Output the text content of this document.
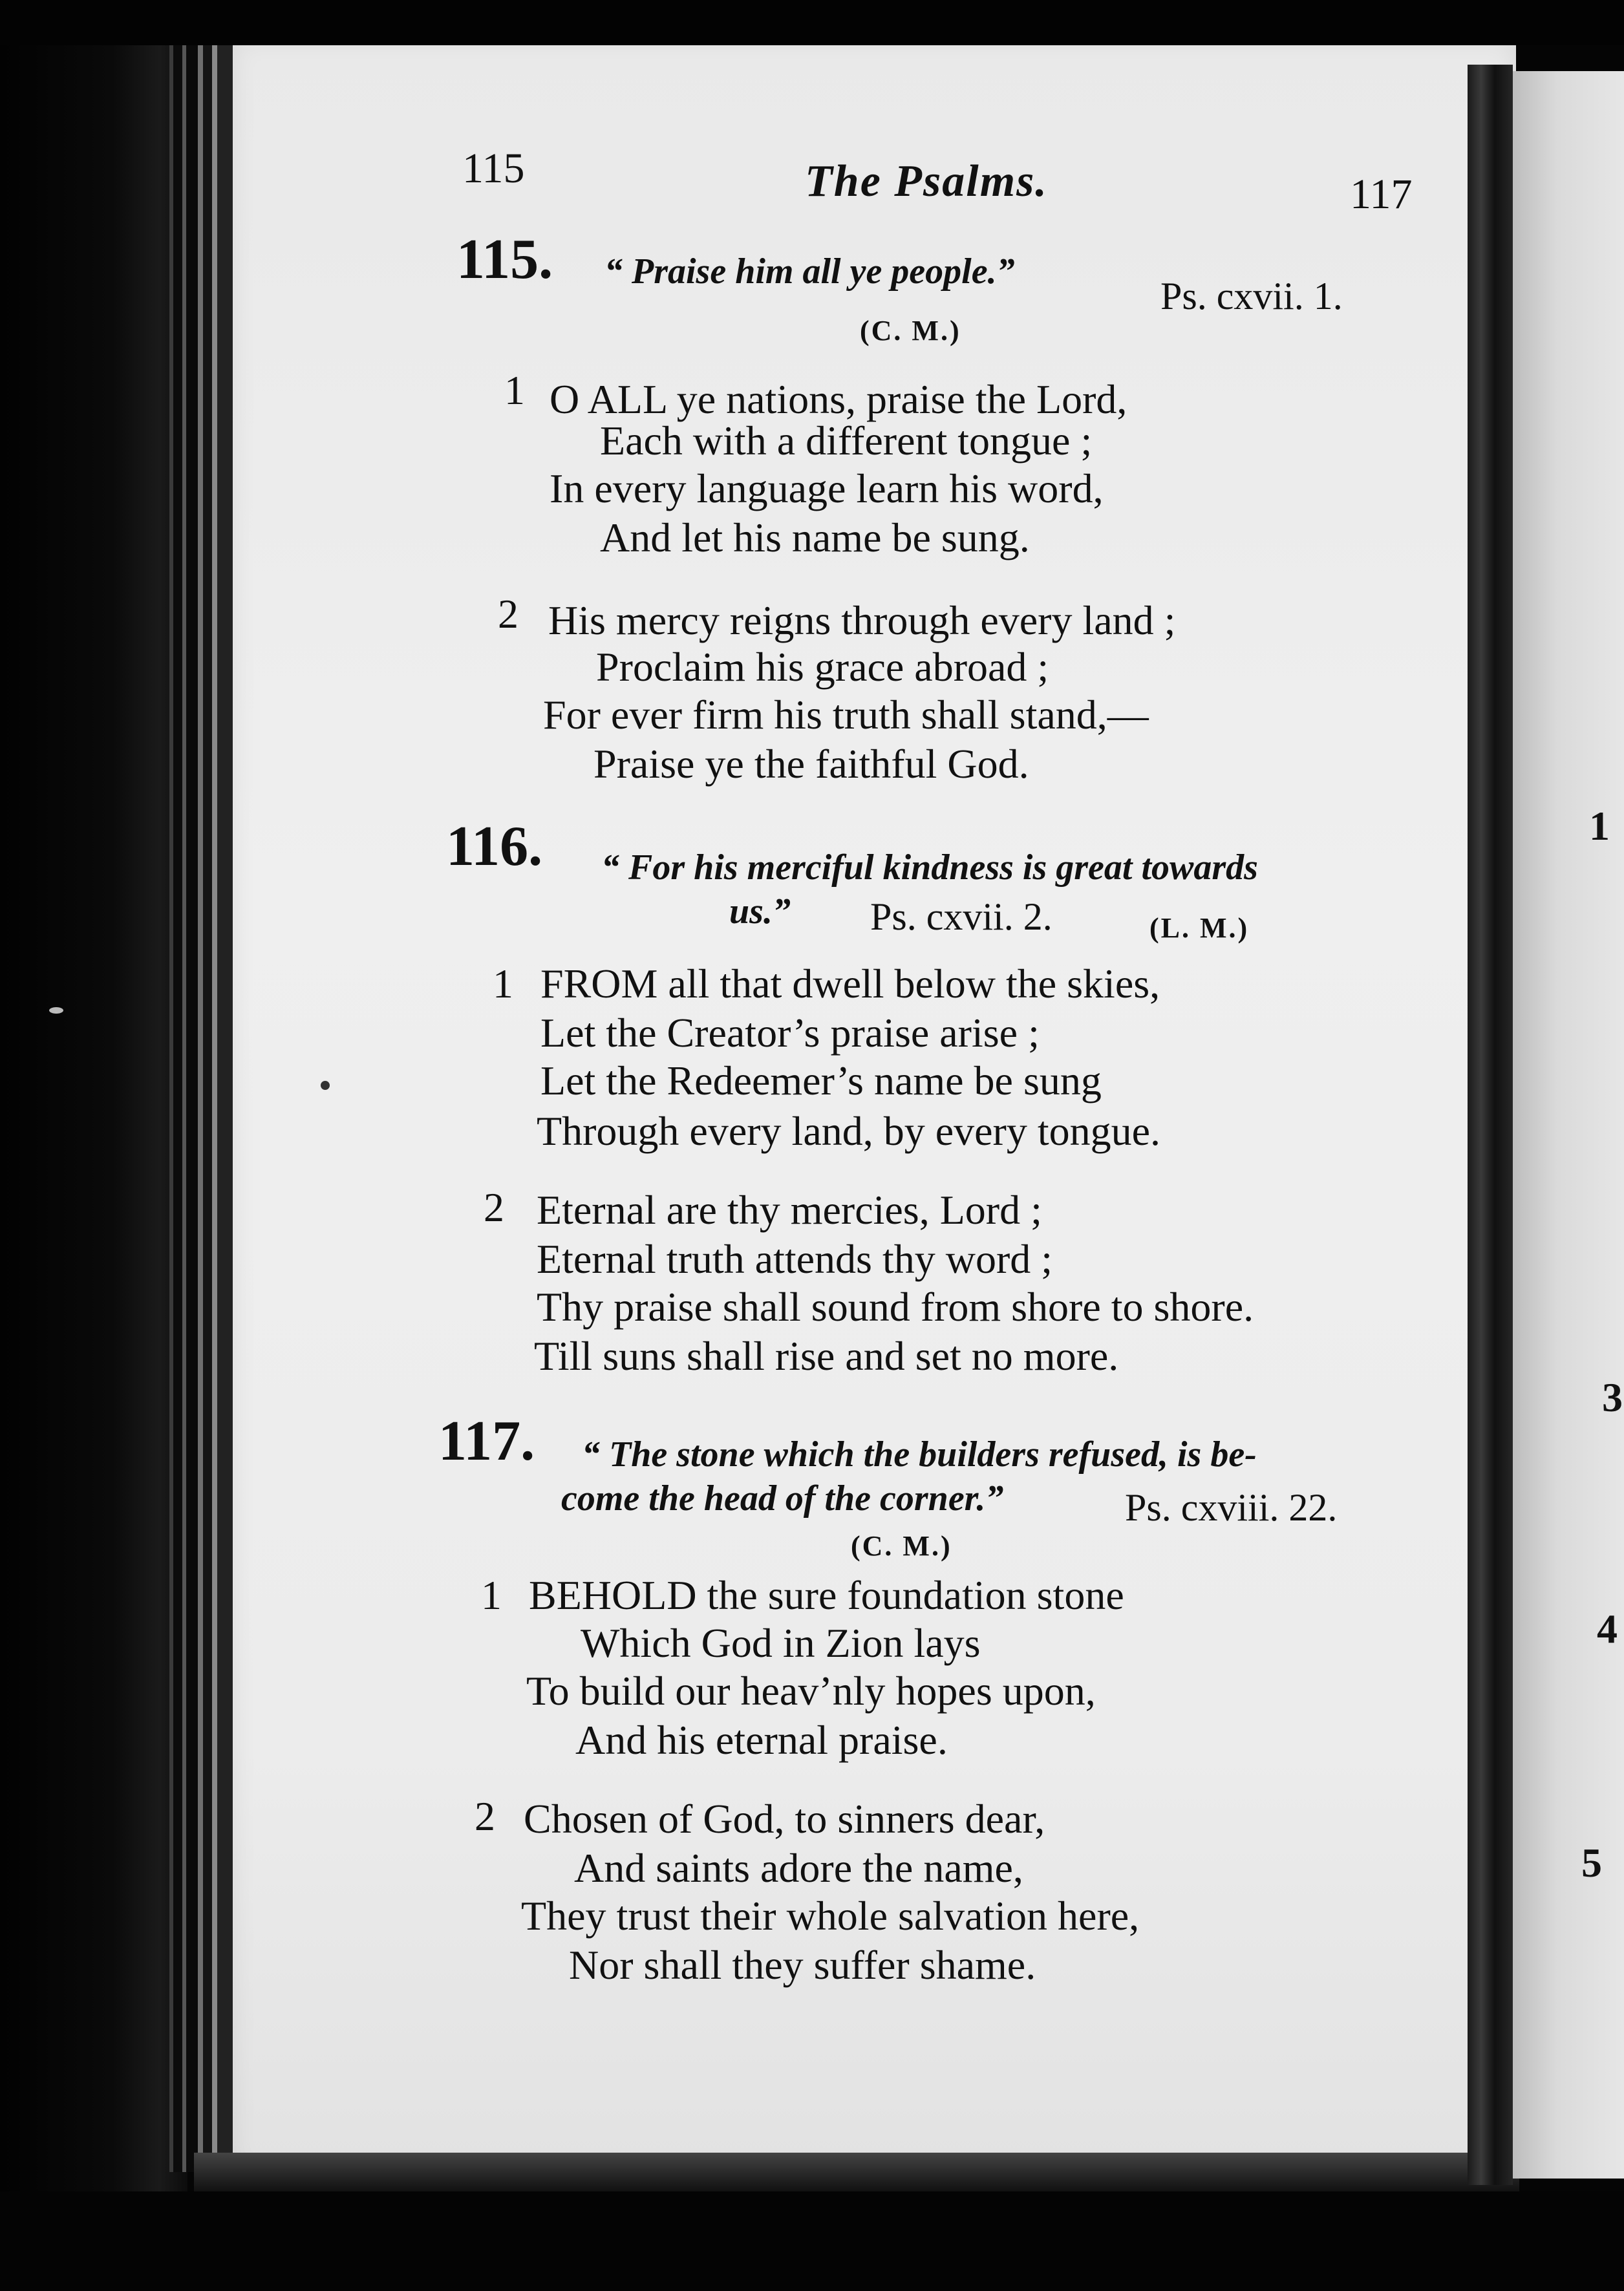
115	The Psalms.	117
115. “ Praise him all ye people.”
Ps. cxvii. 1.
(C. M.)
1 O ALL ye nations, praise the Lord,
Each with a different tongue ;
In every language learn his word,
And let his name be sung.
2 His mercy reigns through every land ;
Proclaim his grace abroad ;
For ever firm his truth shall stand,—
Praise ye the faithful God.
116. “ For his merciful kindness is great towards
us.” Ps. cxvii. 2.	(L. M.)
1 FROM all that dwell below the skies,
Let the Creator’s praise arise ;
Let the Redeemer’s name be sung
Through every land, by every tongue.
2 Eternal are thy mercies, Lord ;
Eternal truth attends thy word ;
Thy praise shall sound from shore to shore.
Till suns shall rise and set no more.
117. “ The stone which the builders refused, is be-
come the head of the corner.”	Ps. cxviii. 22.
(C. M.)
1 BEHOLD the sure foundation stone
Which God in Zion lays
To build our heav’nly hopes upon,
And his eternal praise.
2 Chosen of God, to sinners dear,
And saints adore the name,
They trust their whole salvation here,
Nor shall they suffer shame.
1
3
4
5
